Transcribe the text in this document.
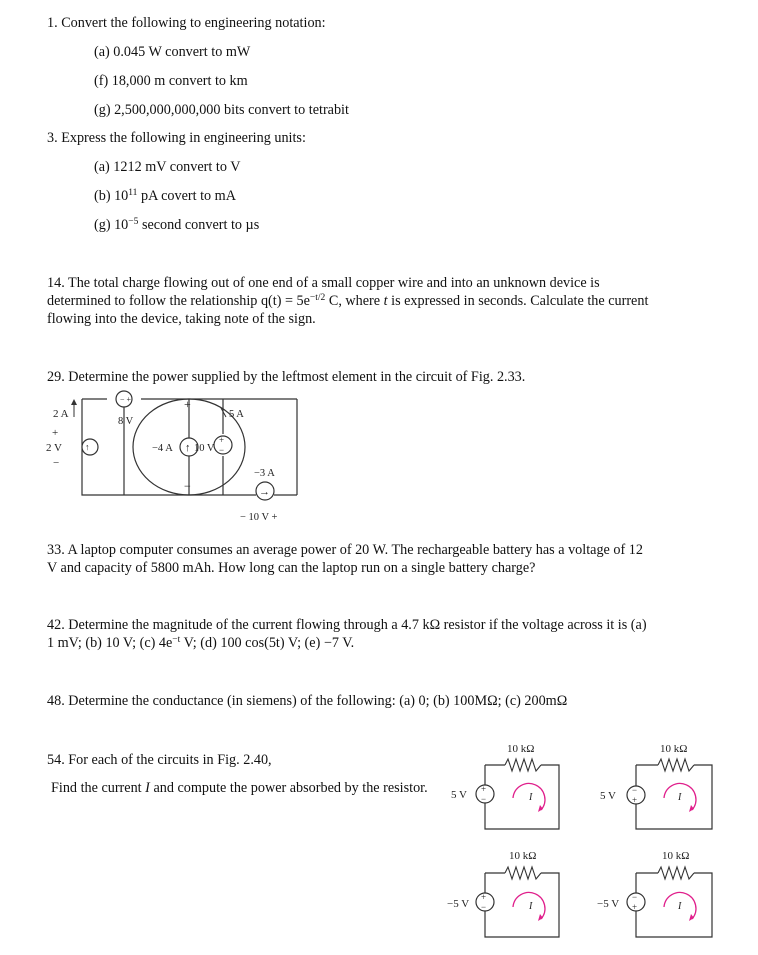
1. Convert the following to engineering notation:
(a) 0.045 W convert to mW
(f) 18,000 m convert to km
(g) 2,500,000,000,000 bits convert to tetrabit
3. Express the following in engineering units:
(a) 1212 mV convert to V
(b) $10^{11}$ pA covert to mA
(g) $10^{-5}$ second convert to µs
14. The total charge flowing out of one end of a small copper wire and into an unknown device is
determined to follow the relationship $q(t) = 5e^{-t/2}$ C, where t is expressed in seconds. Calculate the current
flowing into the device, taking note of the sign.
29. Determine the power supplied by the leftmost element in the circuit of Fig. 2.33.
− +
↑	↑
+
−
→
+
−
2 A
+
2 V
−
8 V
−4 A 10 V
5 A
−3 A
− 10 V +
33. A laptop computer consumes an average power of 20 W. The rechargeable battery has a voltage of 12
V and capacity of 5800 mAh. How long can the laptop run on a single battery charge?
42. Determine the magnitude of the current flowing through a 4.7 kΩ resistor if the voltage across it is (a)
1 mV; (b) 10 V; (c) $4e^{-t}$ V; (d) 100 cos(5t) V; (e) −7 V.
48. Determine the conductance (in siemens) of the following: (a) 0; (b) 100MΩ; (c) 200mΩ
54. For each of the circuits in Fig. 2.40,
Find the current I and compute the power absorbed by the resistor.
10 kΩ
+
−
5 V	I
10 kΩ
−
+
5 V	I
10 kΩ
+
−
−5 V	I
10 kΩ
−
+
−5 V	I
